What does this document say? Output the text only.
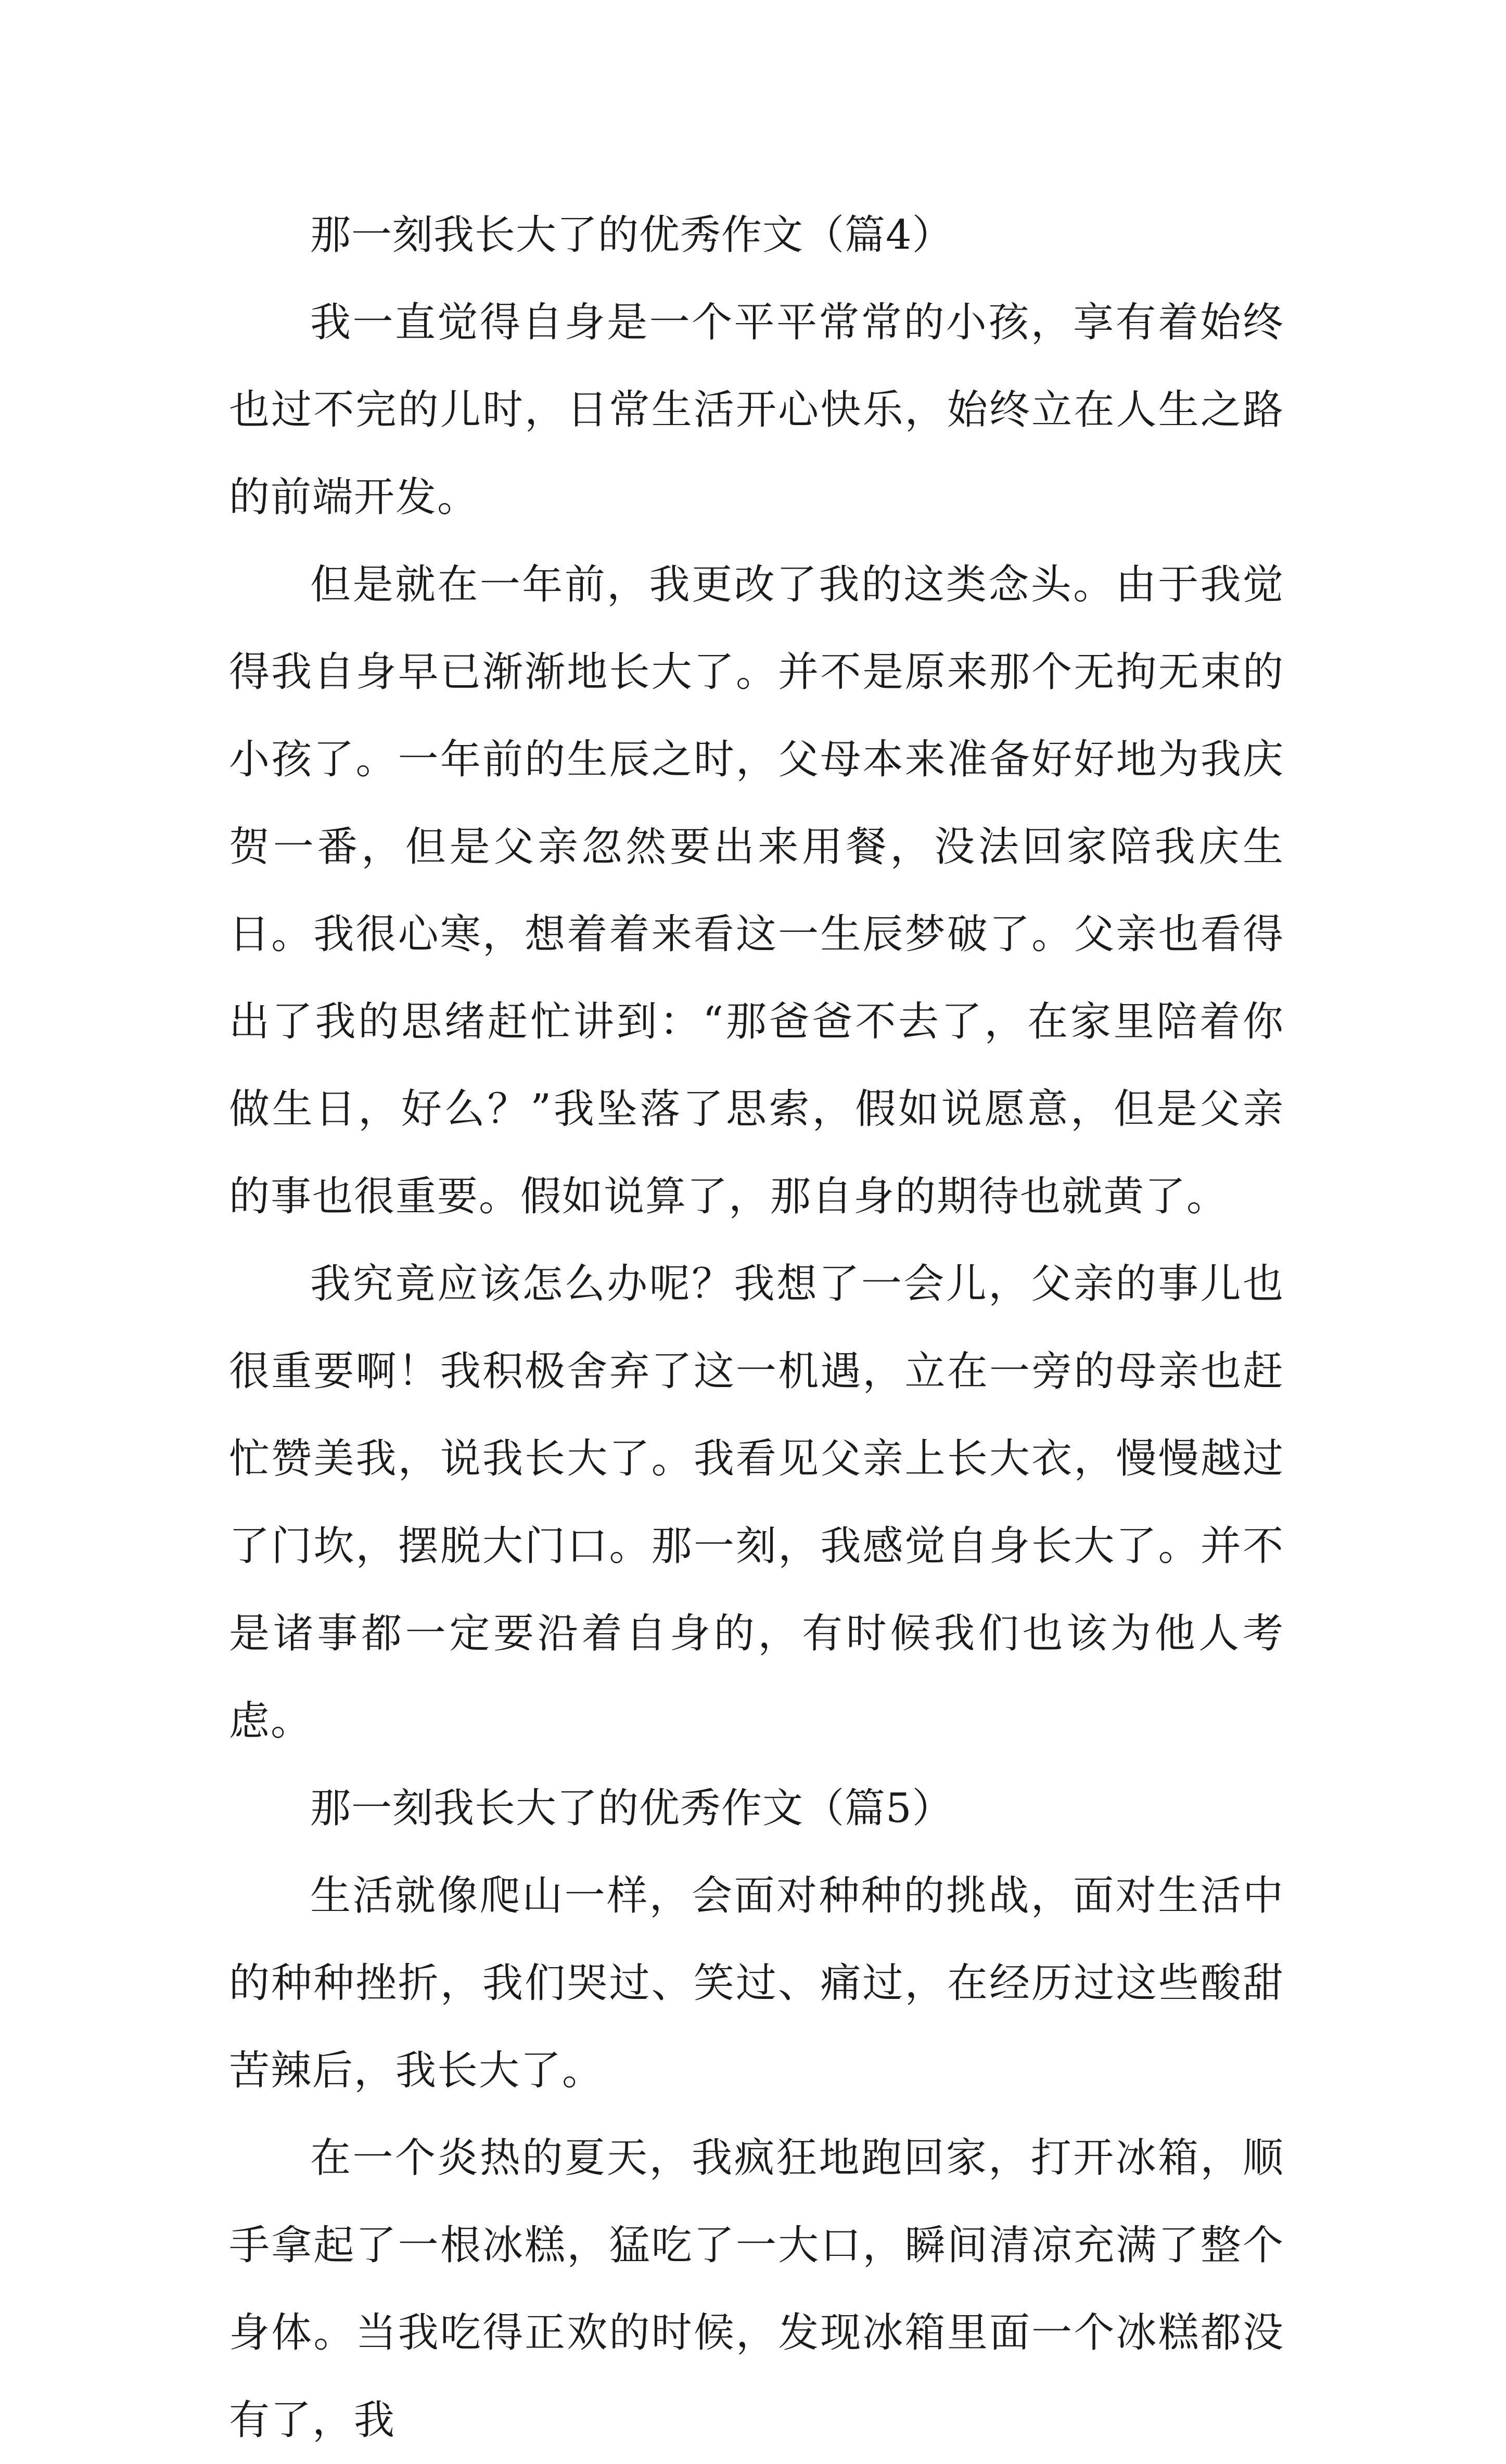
那一刻我长大了的优秀作文（篇4）

我一直觉得自身是一个平平常常的小孩，享有着始终也过不完的儿时，日常生活开心快乐，始终立在人生之路的前端开发。

但是就在一年前，我更改了我的这类念头。由于我觉得我自身早已渐渐地长大了。并不是原来那个无拘无束的小孩了。一年前的生辰之时，父母本来准备好好地为我庆贺一番，但是父亲忽然要出来用餐，没法回家陪我庆生日。我很心寒，想着着来看这一生辰梦破了。父亲也看得出了我的思绪赶忙讲到：“那爸爸不去了，在家里陪着你做生日，好么？”我坠落了思索，假如说愿意，但是父亲的事也很重要。假如说算了，那自身的期待也就黄了。

我究竟应该怎么办呢？我想了一会儿，父亲的事儿也很重要啊！我积极舍弃了这一机遇，立在一旁的母亲也赶忙赞美我，说我长大了。我看见父亲上长大衣，慢慢越过了门坎，摆脱大门口。那一刻，我感觉自身长大了。并不是诸事都一定要沿着自身的，有时候我们也该为他人考虑。

那一刻我长大了的优秀作文（篇5）

生活就像爬山一样，会面对种种的挑战，面对生活中的种种挫折，我们哭过、笑过、痛过，在经历过这些酸甜苦辣后，我长大了。

在一个炎热的夏天，我疯狂地跑回家，打开冰箱，顺手拿起了一根冰糕，猛吃了一大口，瞬间清凉充满了整个身体。当我吃得正欢的时候，发现冰箱里面一个冰糕都没有了，我
